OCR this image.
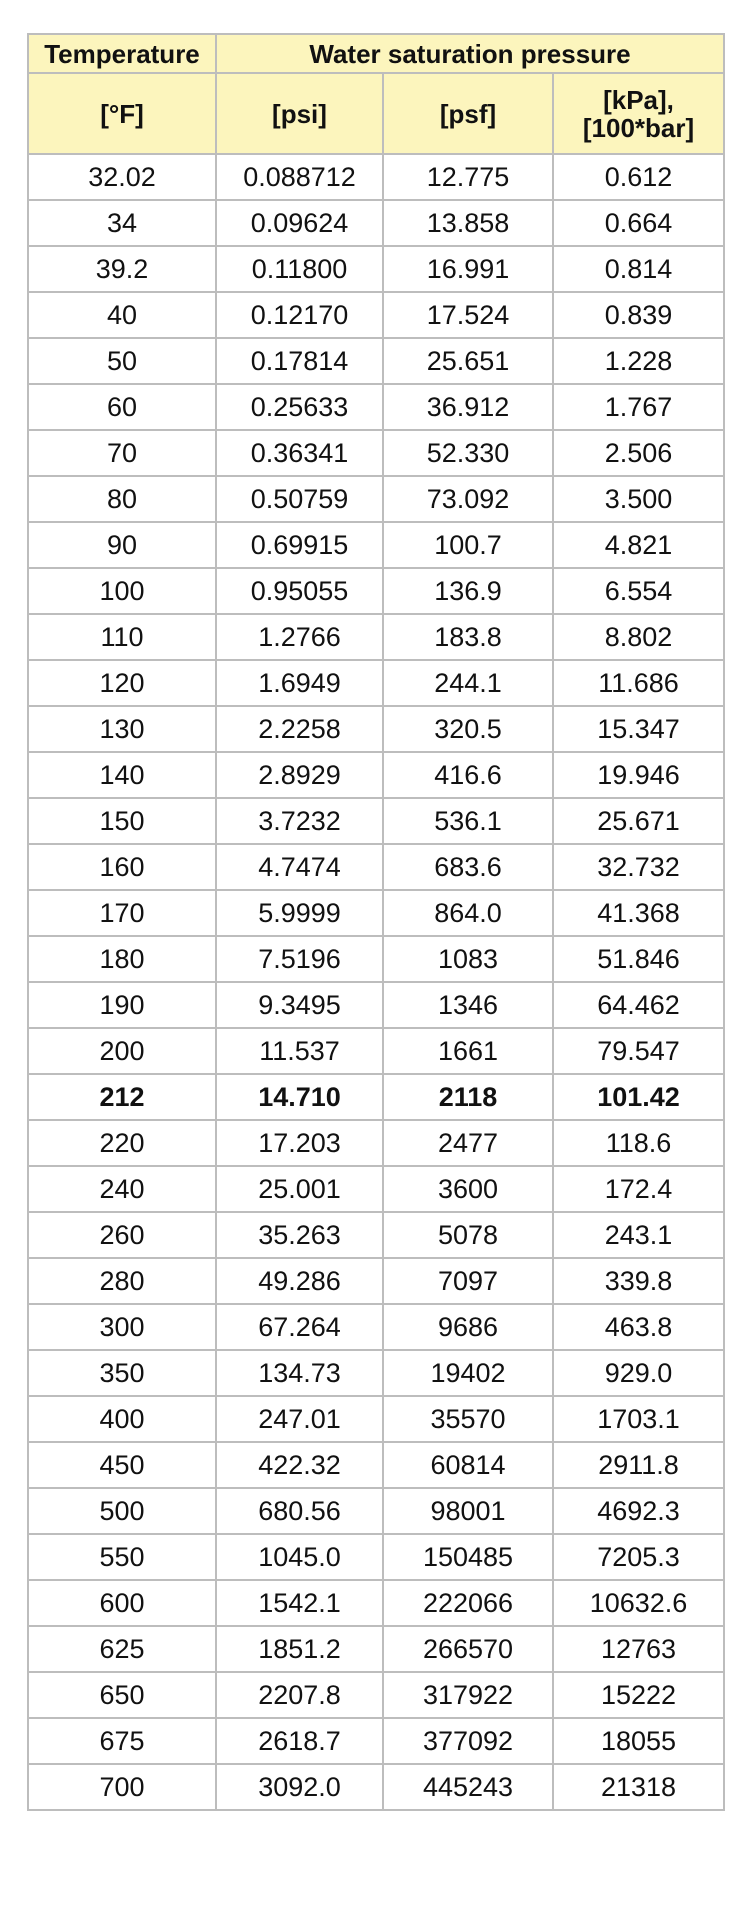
Temperature	Water saturation pressure		
[°F]	[psi]	[psf]	[kPa],
[100*bar]
32.02	0.088712	12.775	0.612
34	0.09624	13.858	0.664
39.2	0.11800	16.991	0.814
40	0.12170	17.524	0.839
50	0.17814	25.651	1.228
60	0.25633	36.912	1.767
70	0.36341	52.330	2.506
80	0.50759	73.092	3.500
90	0.69915	100.7	4.821
100	0.95055	136.9	6.554
110	1.2766	183.8	8.802
120	1.6949	244.1	11.686
130	2.2258	320.5	15.347
140	2.8929	416.6	19.946
150	3.7232	536.1	25.671
160	4.7474	683.6	32.732
170	5.9999	864.0	41.368
180	7.5196	1083	51.846
190	9.3495	1346	64.462
200	11.537	1661	79.547
212	14.710	2118	101.42
220	17.203	2477	118.6
240	25.001	3600	172.4
260	35.263	5078	243.1
280	49.286	7097	339.8
300	67.264	9686	463.8
350	134.73	19402	929.0
400	247.01	35570	1703.1
450	422.32	60814	2911.8
500	680.56	98001	4692.3
550	1045.0	150485	7205.3
600	1542.1	222066	10632.6
625	1851.2	266570	12763
650	2207.8	317922	15222
675	2618.7	377092	18055
700	3092.0	445243	21318
